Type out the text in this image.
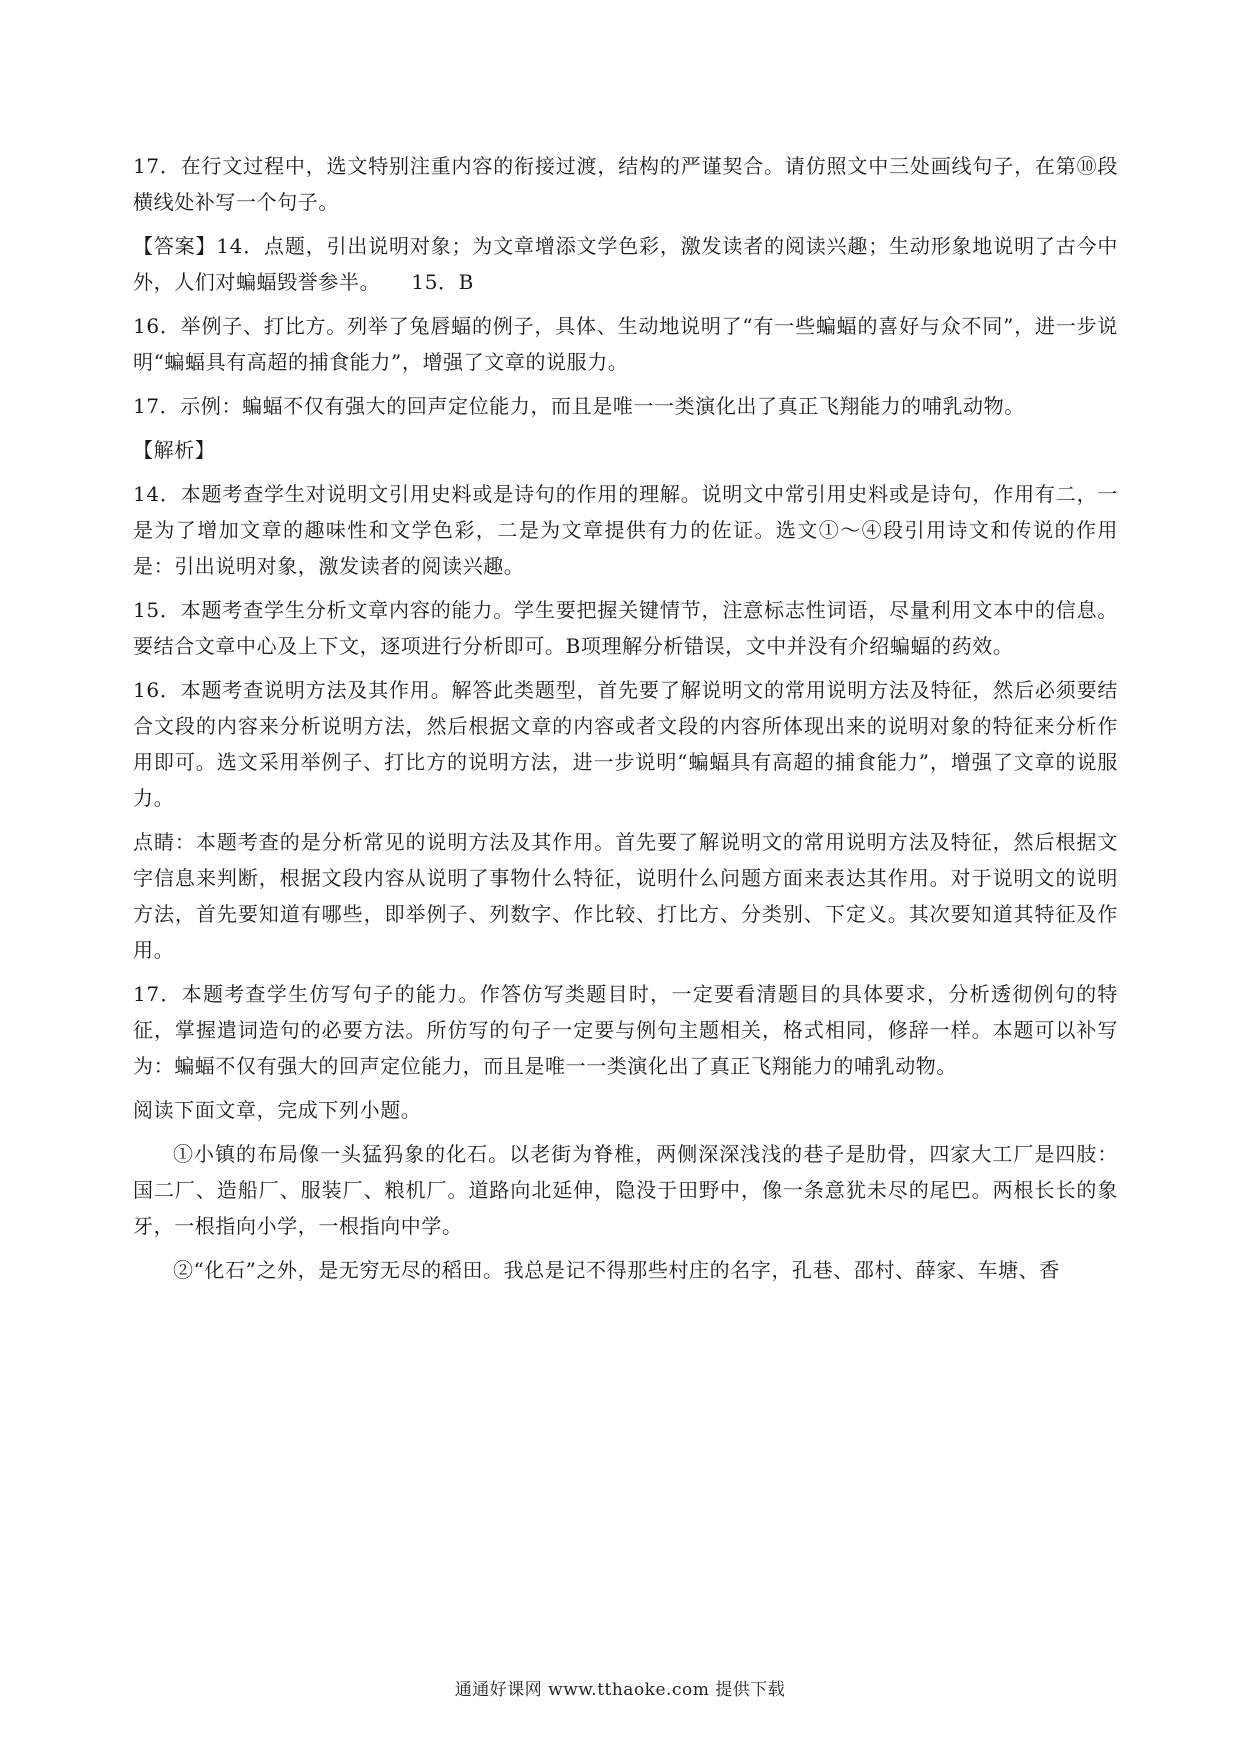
17．在行文过程中，选文特别注重内容的衔接过渡，结构的严谨契合。请仿照文中三处画线句子，在第⑩段横线处补写一个句子。

【答案】14．点题，引出说明对象；为文章增添文学色彩，激发读者的阅读兴趣；生动形象地说明了古今中外，人们对蝙蝠毁誉参半。　　15．B

16．举例子、打比方。列举了兔唇蝠的例子，具体、生动地说明了“有一些蝙蝠的喜好与众不同”，进一步说明“蝙蝠具有高超的捕食能力”，增强了文章的说服力。

17．示例：蝙蝠不仅有强大的回声定位能力，而且是唯一一类演化出了真正飞翔能力的哺乳动物。

【解析】

14．本题考查学生对说明文引用史料或是诗句的作用的理解。说明文中常引用史料或是诗句，作用有二，一是为了增加文章的趣味性和文学色彩，二是为文章提供有力的佐证。选文①～④段引用诗文和传说的作用是：引出说明对象，激发读者的阅读兴趣。

15．本题考查学生分析文章内容的能力。学生要把握关键情节，注意标志性词语，尽量利用文本中的信息。要结合文章中心及上下文，逐项进行分析即可。B项理解分析错误，文中并没有介绍蝙蝠的药效。

16．本题考查说明方法及其作用。解答此类题型，首先要了解说明文的常用说明方法及特征，然后必须要结合文段的内容来分析说明方法，然后根据文章的内容或者文段的内容所体现出来的说明对象的特征来分析作用即可。选文采用举例子、打比方的说明方法，进一步说明“蝙蝠具有高超的捕食能力”，增强了文章的说服力。

点睛：本题考查的是分析常见的说明方法及其作用。首先要了解说明文的常用说明方法及特征，然后根据文字信息来判断，根据文段内容从说明了事物什么特征，说明什么问题方面来表达其作用。对于说明文的说明方法，首先要知道有哪些，即举例子、列数字、作比较、打比方、分类别、下定义。其次要知道其特征及作用。

17．本题考查学生仿写句子的能力。作答仿写类题目时，一定要看清题目的具体要求，分析透彻例句的特征，掌握遣词造句的必要方法。所仿写的句子一定要与例句主题相关，格式相同，修辞一样。本题可以补写为：蝙蝠不仅有强大的回声定位能力，而且是唯一一类演化出了真正飞翔能力的哺乳动物。

阅读下面文章，完成下列小题。

①小镇的布局像一头猛犸象的化石。以老街为脊椎，两侧深深浅浅的巷子是肋骨，四家大工厂是四肢：国二厂、造船厂、服装厂、粮机厂。道路向北延伸，隐没于田野中，像一条意犹未尽的尾巴。两根长长的象牙，一根指向小学，一根指向中学。

②“化石”之外，是无穷无尽的稻田。我总是记不得那些村庄的名字，孔巷、邵村、薛家、车塘、香

通通好课网 www.tthaoke.com 提供下载
